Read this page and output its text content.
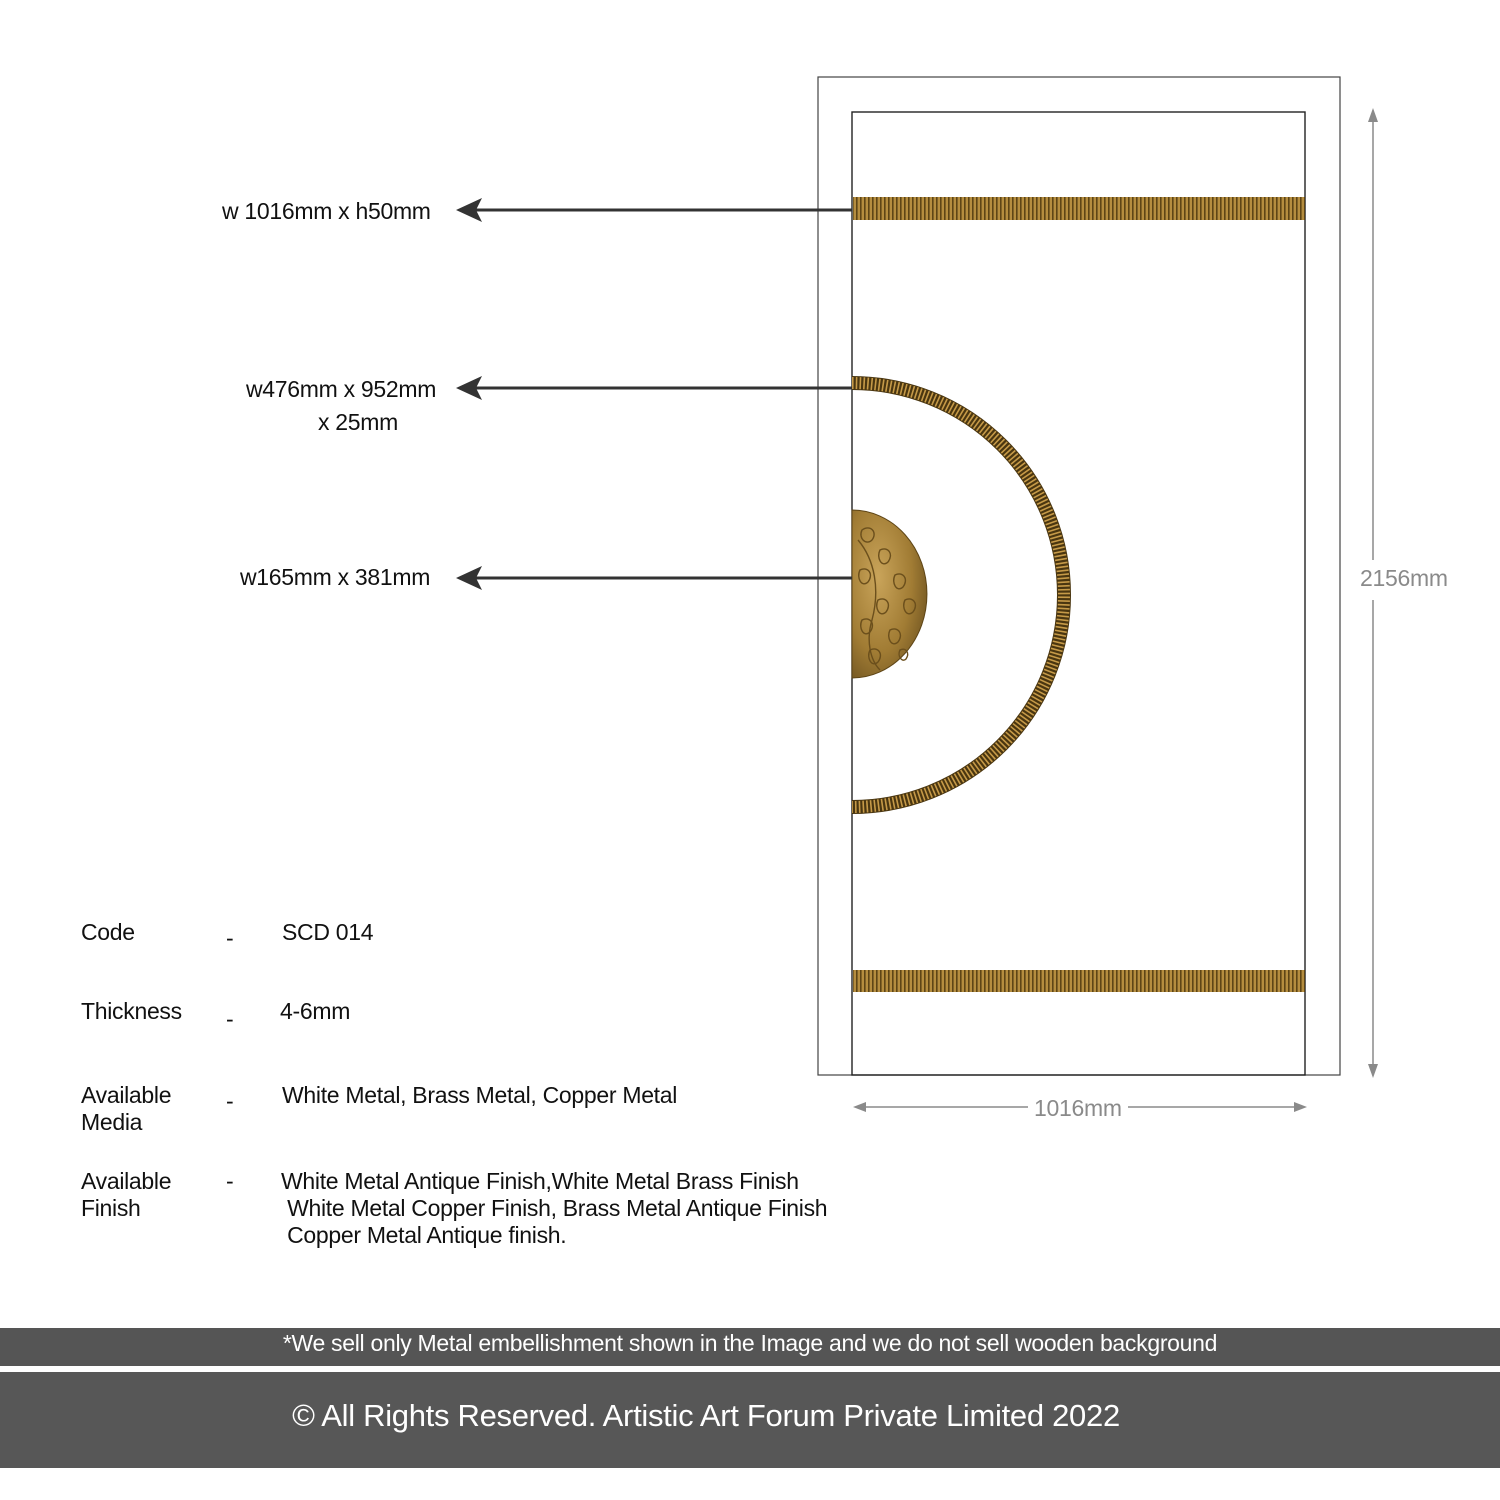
w 1016mm x h50mm
w476mm x 952mm
x 25mm
w165mm x 381mm	2156mm
1016mm
Code	- SCD 014
Thickness - 4-6mm
Available
Media
- White Metal, Brass Metal, Copper Metal
Available
Finish
- White Metal Antique Finish,White Metal Brass Finish
White Metal Copper Finish, Brass Metal Antique Finish
Copper Metal Antique finish.
*We sell only Metal embellishment shown in the Image and we do not sell wooden background
© All Rights Reserved. Artistic Art Forum Private Limited 2022
